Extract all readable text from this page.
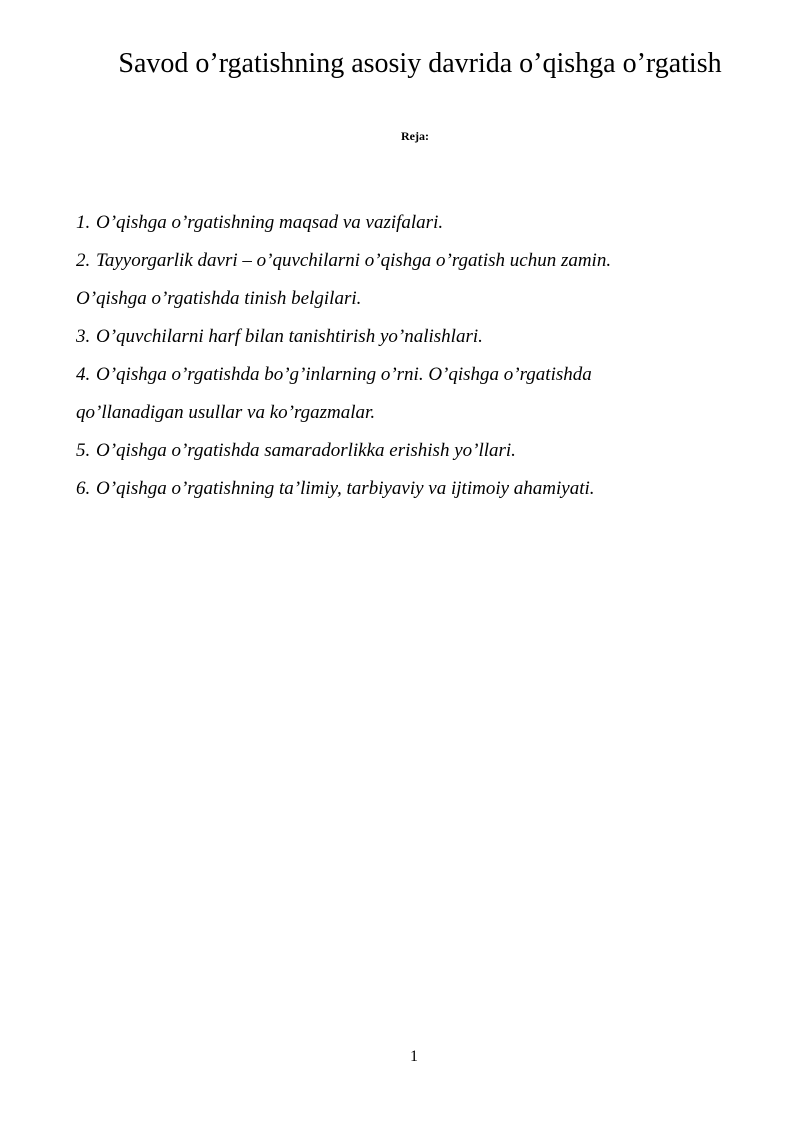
Savod o’rgatishning asosiy davrida o’qishga o’rgatish
Reja:
1. O’qishga o’rgatishning maqsad va vazifalari.
2. Tayyorgarlik davri – o’quvchilarni o’qishga o’rgatish uchun zamin.
O’qishga o’rgatishda tinish belgilari.
3. O’quvchilarni harf bilan tanishtirish yo’nalishlari.
4. O’qishga o’rgatishda bo’g’inlarning o’rni. O’qishga o’rgatishda
qo’llanadigan usullar va ko’rgazmalar.
5. O’qishga o’rgatishda samaradorlikka erishish yo’llari.
6. O’qishga o’rgatishning ta’limiy, tarbiyaviy va ijtimoiy ahamiyati.
1
